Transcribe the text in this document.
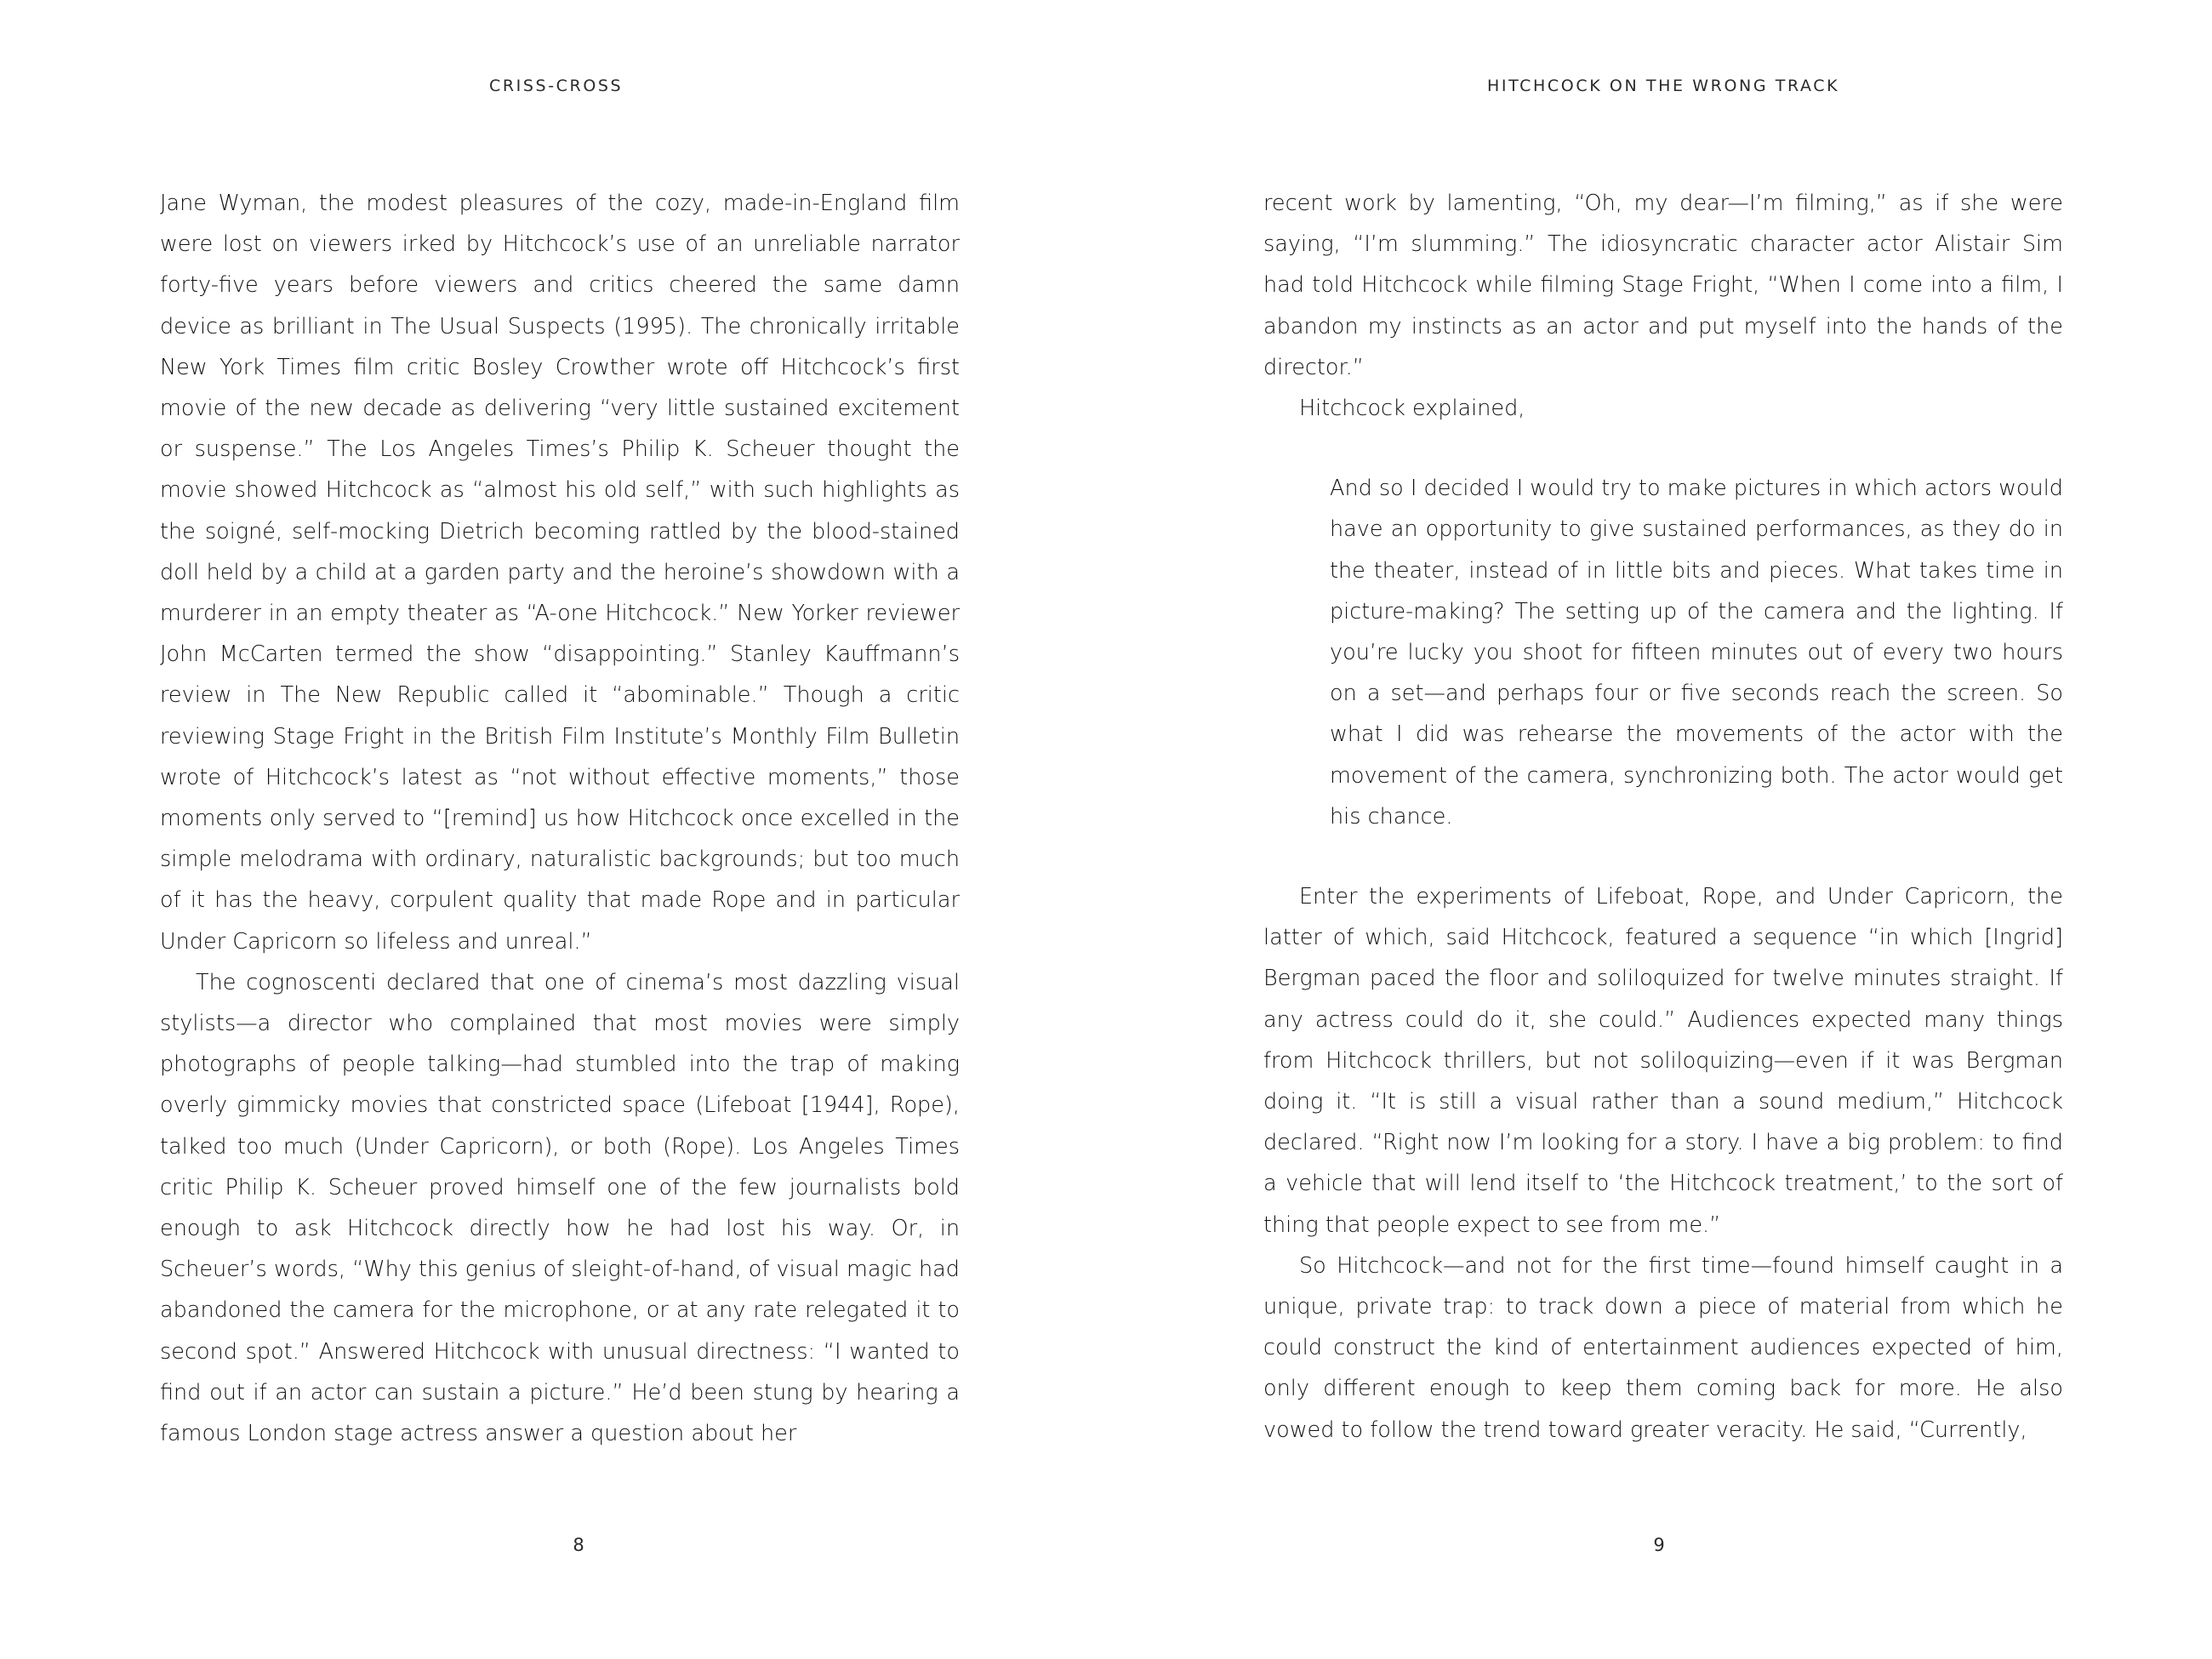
CRISS-CROSS

Jane Wyman, the modest pleasures of the cozy, made-in-England film were lost on viewers irked by Hitchcock’s use of an unreliable narrator forty-five years before viewers and critics cheered the same damn device as brilliant in The Usual Suspects (1995). The chronically irritable New York Times film critic Bosley Crowther wrote off Hitchcock’s first movie of the new decade as delivering “very little sustained excitement or suspense.” The Los Angeles Times’s Philip K. Scheuer thought the movie showed Hitchcock as “almost his old self,” with such highlights as the soigné, self-mocking Dietrich becoming rattled by the blood-stained doll held by a child at a garden party and the heroine’s showdown with a murderer in an empty theater as “A-one Hitchcock.” New Yorker reviewer John McCarten termed the show “disappointing.” Stanley Kauffmann’s review in The New Republic called it “abominable.” Though a critic reviewing Stage Fright in the British Film Institute’s Monthly Film Bulletin wrote of Hitchcock’s latest as “not without effective moments,” those moments only served to “[remind] us how Hitchcock once excelled in the simple melodrama with ordinary, naturalistic backgrounds; but too much of it has the heavy, corpulent quality that made Rope and in particular Under Capricorn so lifeless and unreal.”

The cognoscenti declared that one of cinema’s most dazzling visual stylists—a director who complained that most movies were simply photographs of people talking—had stumbled into the trap of making overly gimmicky movies that constricted space (Lifeboat [1944], Rope), talked too much (Under Capricorn), or both (Rope). Los Angeles Times critic Philip K. Scheuer proved himself one of the few journalists bold enough to ask Hitchcock directly how he had lost his way. Or, in Scheuer’s words, “Why this genius of sleight-of-hand, of visual magic had abandoned the camera for the microphone, or at any rate relegated it to second spot.” Answered Hitchcock with unusual directness: “I wanted to find out if an actor can sustain a picture.” He’d been stung by hearing a famous London stage actress answer a question about her

8
HITCHCOCK ON THE WRONG TRACK

recent work by lamenting, “Oh, my dear—I’m filming,” as if she were saying, “I’m slumming.” The idiosyncratic character actor Alistair Sim had told Hitchcock while filming Stage Fright, “When I come into a film, I abandon my instincts as an actor and put myself into the hands of the director.”

Hitchcock explained,

And so I decided I would try to make pictures in which actors would have an opportunity to give sustained performances, as they do in the theater, instead of in little bits and pieces. What takes time in picture-making? The setting up of the camera and the lighting. If you’re lucky you shoot for fifteen minutes out of every two hours on a set—and perhaps four or five seconds reach the screen. So what I did was rehearse the movements of the actor with the movement of the camera, synchronizing both. The actor would get his chance.

Enter the experiments of Lifeboat, Rope, and Under Capricorn, the latter of which, said Hitchcock, featured a sequence “in which [Ingrid] Bergman paced the floor and soliloquized for twelve minutes straight. If any actress could do it, she could.” Audiences expected many things from Hitchcock thrillers, but not soliloquizing—even if it was Bergman doing it. “It is still a visual rather than a sound medium,” Hitchcock declared. “Right now I’m looking for a story. I have a big problem: to find a vehicle that will lend itself to ‘the Hitchcock treatment,’ to the sort of thing that people expect to see from me.”

So Hitchcock—and not for the first time—found himself caught in a unique, private trap: to track down a piece of material from which he could construct the kind of entertainment audiences expected of him, only different enough to keep them coming back for more. He also vowed to follow the trend toward greater veracity. He said, “Currently,

9
